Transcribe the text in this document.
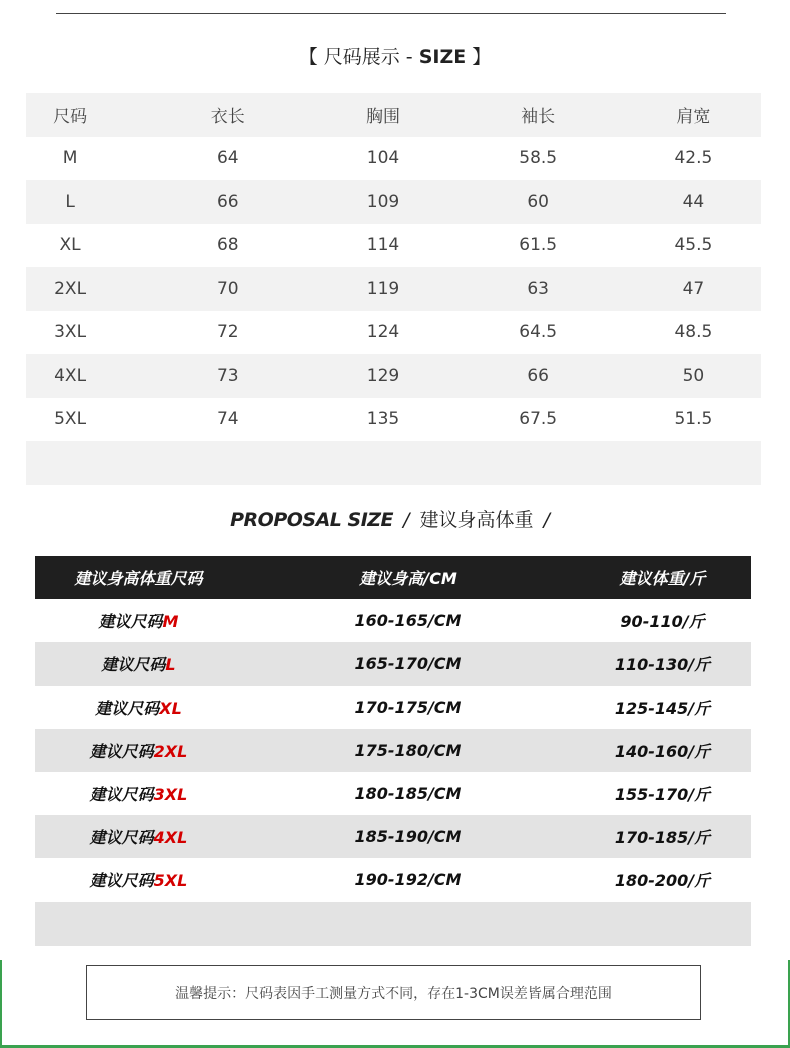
【 尺码展示 - SIZE 】
尺码	衣长	胸围	袖长	肩宽
M	64	104	58.5	42.5
L	66	109	60	44
XL	68	114	61.5	45.5
2XL	70	119	63	47
3XL	72	124	64.5	48.5
4XL	73	129	66	50
5XL	74	135	67.5	51.5
PROPOSAL SIZE / 建议身高体重 /
建议身高体重尺码	建议身高/CM	建议体重/斤
建议尺码M	160-165/CM	90-110/斤
建议尺码L	165-170/CM	110-130/斤
建议尺码XL	170-175/CM	125-145/斤
建议尺码2XL	175-180/CM	140-160/斤
建议尺码3XL	180-185/CM	155-170/斤
建议尺码4XL	185-190/CM	170-185/斤
建议尺码5XL	190-192/CM	180-200/斤
温馨提示：尺码表因手工测量方式不同，存在1-3CM误差皆属合理范围
